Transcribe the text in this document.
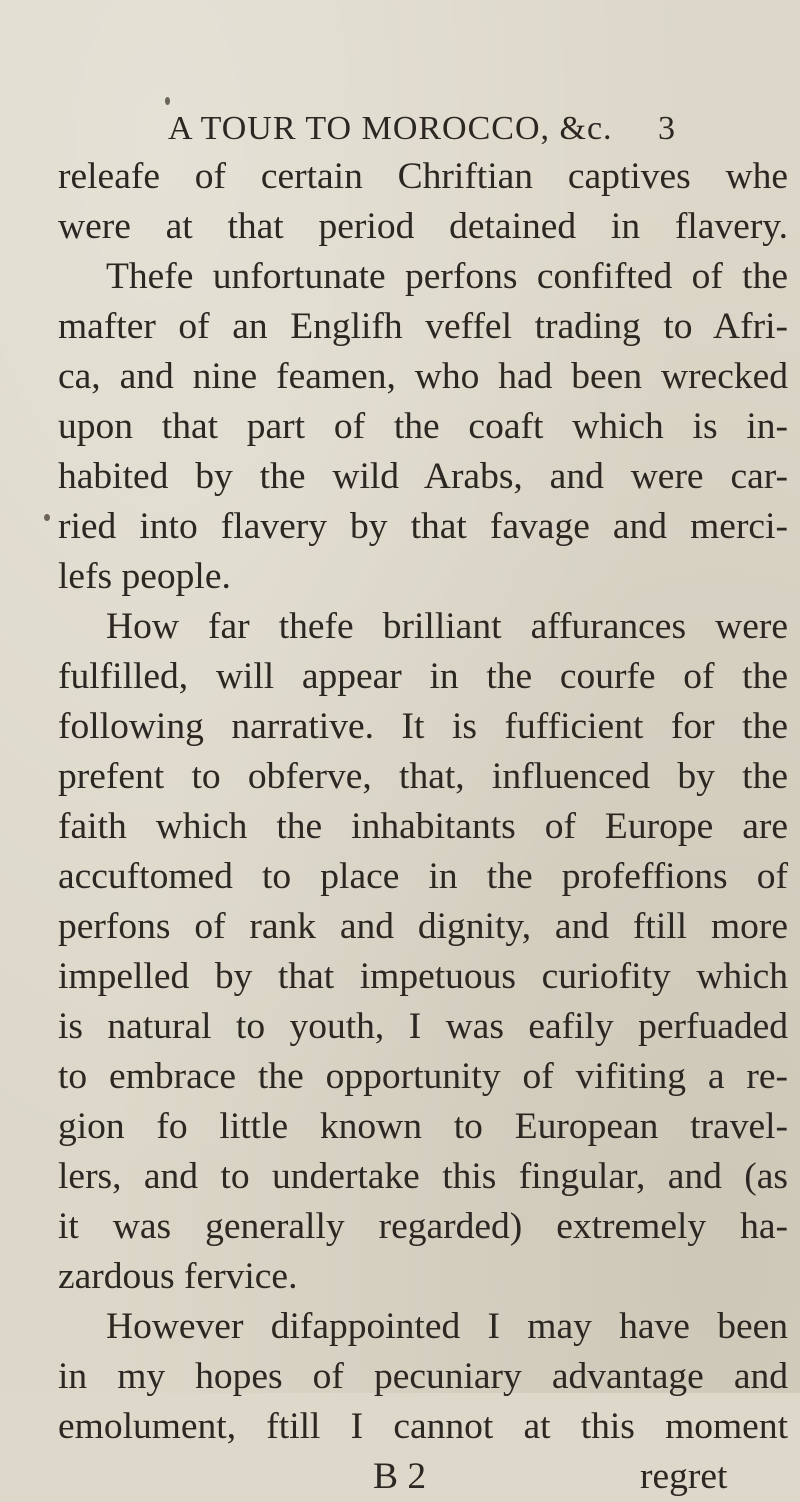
A TOUR TO MOROCCO, &c. 3
releafe of certain Chriftian captives whe
were at that period detained in flavery.
Thefe unfortunate perfons confifted of the
mafter of an Englifh veffel trading to Afri-
ca, and nine feamen, who had been wrecked
upon that part of the coaft which is in-
habited by the wild Arabs, and were car-
ried into flavery by that favage and merci-
lefs people.
How far thefe brilliant affurances were
fulfilled, will appear in the courfe of the
following narrative. It is fufficient for the
prefent to obferve, that, influenced by the
faith which the inhabitants of Europe are
accuftomed to place in the profeffions of
perfons of rank and dignity, and ftill more
impelled by that impetuous curiofity which
is natural to youth, I was eafily perfuaded
to embrace the opportunity of vifiting a re-
gion fo little known to European travel-
lers, and to undertake this fingular, and (as
it was generally regarded) extremely ha-
zardous fervice.
However difappointed I may have been
in my hopes of pecuniary advantage and
emolument, ftill I cannot at this moment
B 2	regret
